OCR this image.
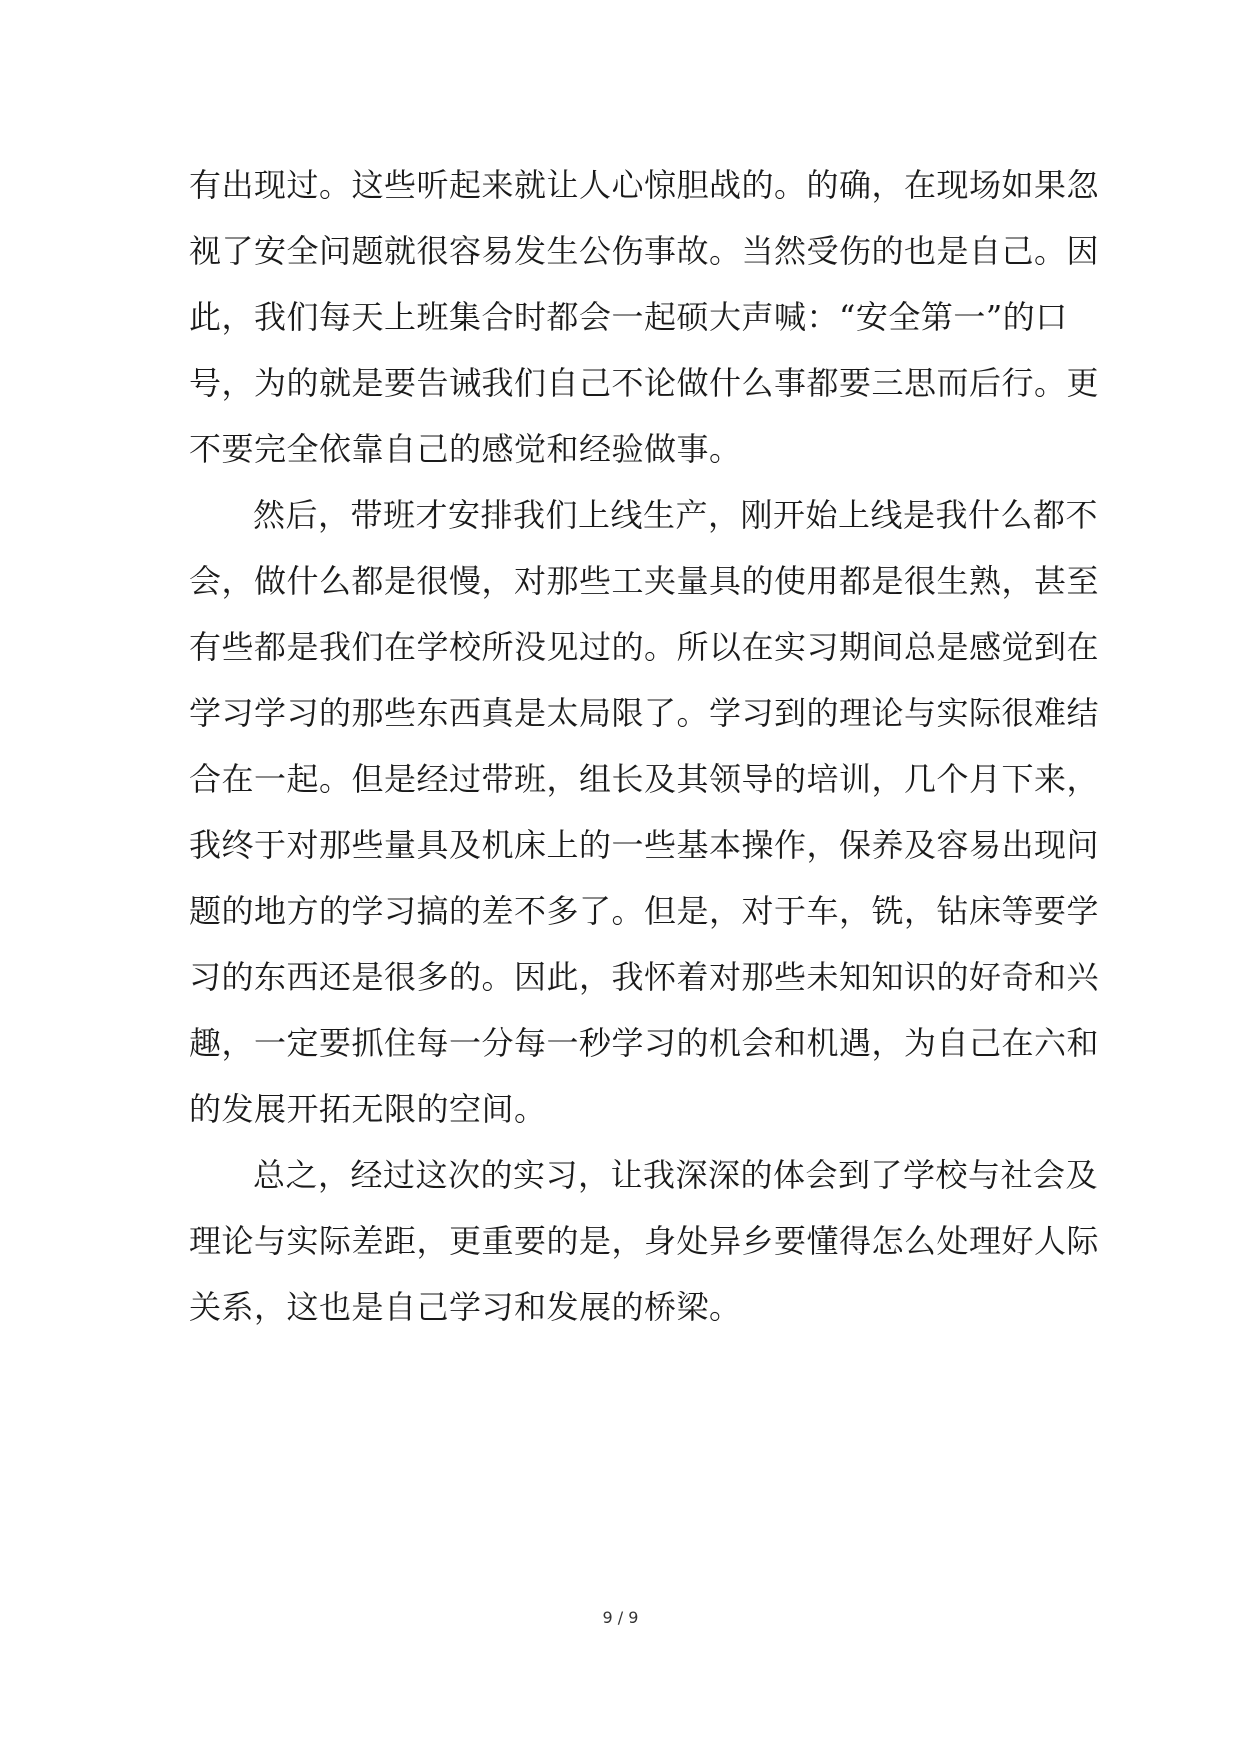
有出现过。这些听起来就让人心惊胆战的。的确，在现场如果忽
视了安全问题就很容易发生公伤事故。当然受伤的也是自己。因
此，我们每天上班集合时都会一起硕大声喊：“安全第一”的口
号，为的就是要告诫我们自己不论做什么事都要三思而后行。更
不要完全依靠自己的感觉和经验做事。
然后，带班才安排我们上线生产，刚开始上线是我什么都不
会，做什么都是很慢，对那些工夹量具的使用都是很生熟，甚至
有些都是我们在学校所没见过的。所以在实习期间总是感觉到在
学习学习的那些东西真是太局限了。学习到的理论与实际很难结
合在一起。但是经过带班，组长及其领导的培训，几个月下来，
我终于对那些量具及机床上的一些基本操作，保养及容易出现问
题的地方的学习搞的差不多了。但是，对于车，铣，钻床等要学
习的东西还是很多的。因此，我怀着对那些未知知识的好奇和兴
趣，一定要抓住每一分每一秒学习的机会和机遇，为自己在六和
的发展开拓无限的空间。
总之，经过这次的实习，让我深深的体会到了学校与社会及
理论与实际差距，更重要的是，身处异乡要懂得怎么处理好人际
关系，这也是自己学习和发展的桥梁。
9 / 9
